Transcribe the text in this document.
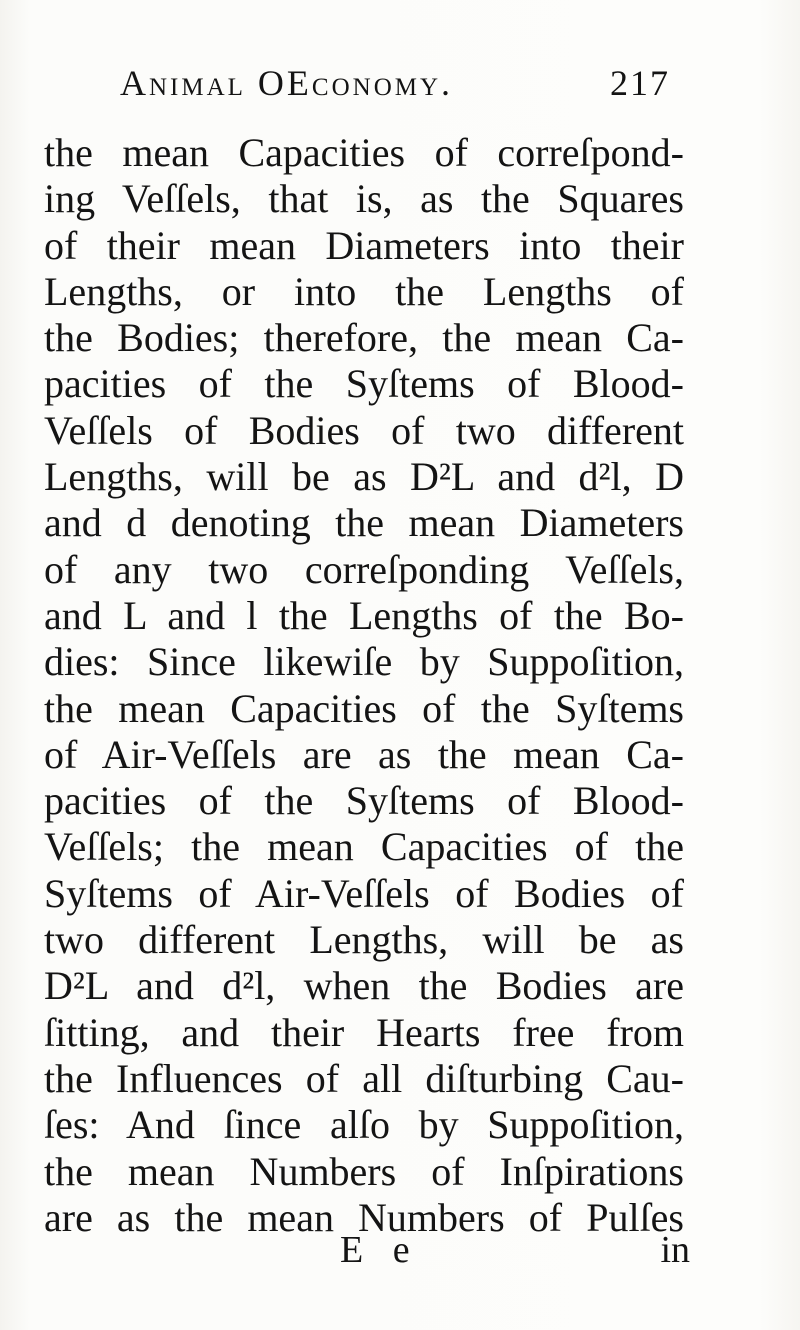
Animal OEconomy.	217
the mean Capacities of correſpond-
ing Veſſels, that is, as the Squares
of their mean Diameters into their
Lengths, or into the Lengths of
the Bodies; therefore, the mean Ca-
pacities of the Syſtems of Blood-
Veſſels of Bodies of two different
Lengths, will be as D²L and d²l, D
and d denoting the mean Diameters
of any two correſponding Veſſels,
and L and l the Lengths of the Bo-
dies: Since likewiſe by Suppoſition,
the mean Capacities of the Syſtems
of Air-Veſſels are as the mean Ca-
pacities of the Syſtems of Blood-
Veſſels; the mean Capacities of the
Syſtems of Air-Veſſels of Bodies of
two different Lengths, will be as
D²L and d²l, when the Bodies are
ſitting, and their Hearts free from
the Influences of all diſturbing Cau-
ſes: And ſince alſo by Suppoſition,
the mean Numbers of Inſpirations
are as the mean Numbers of Pulſes
E e	in
